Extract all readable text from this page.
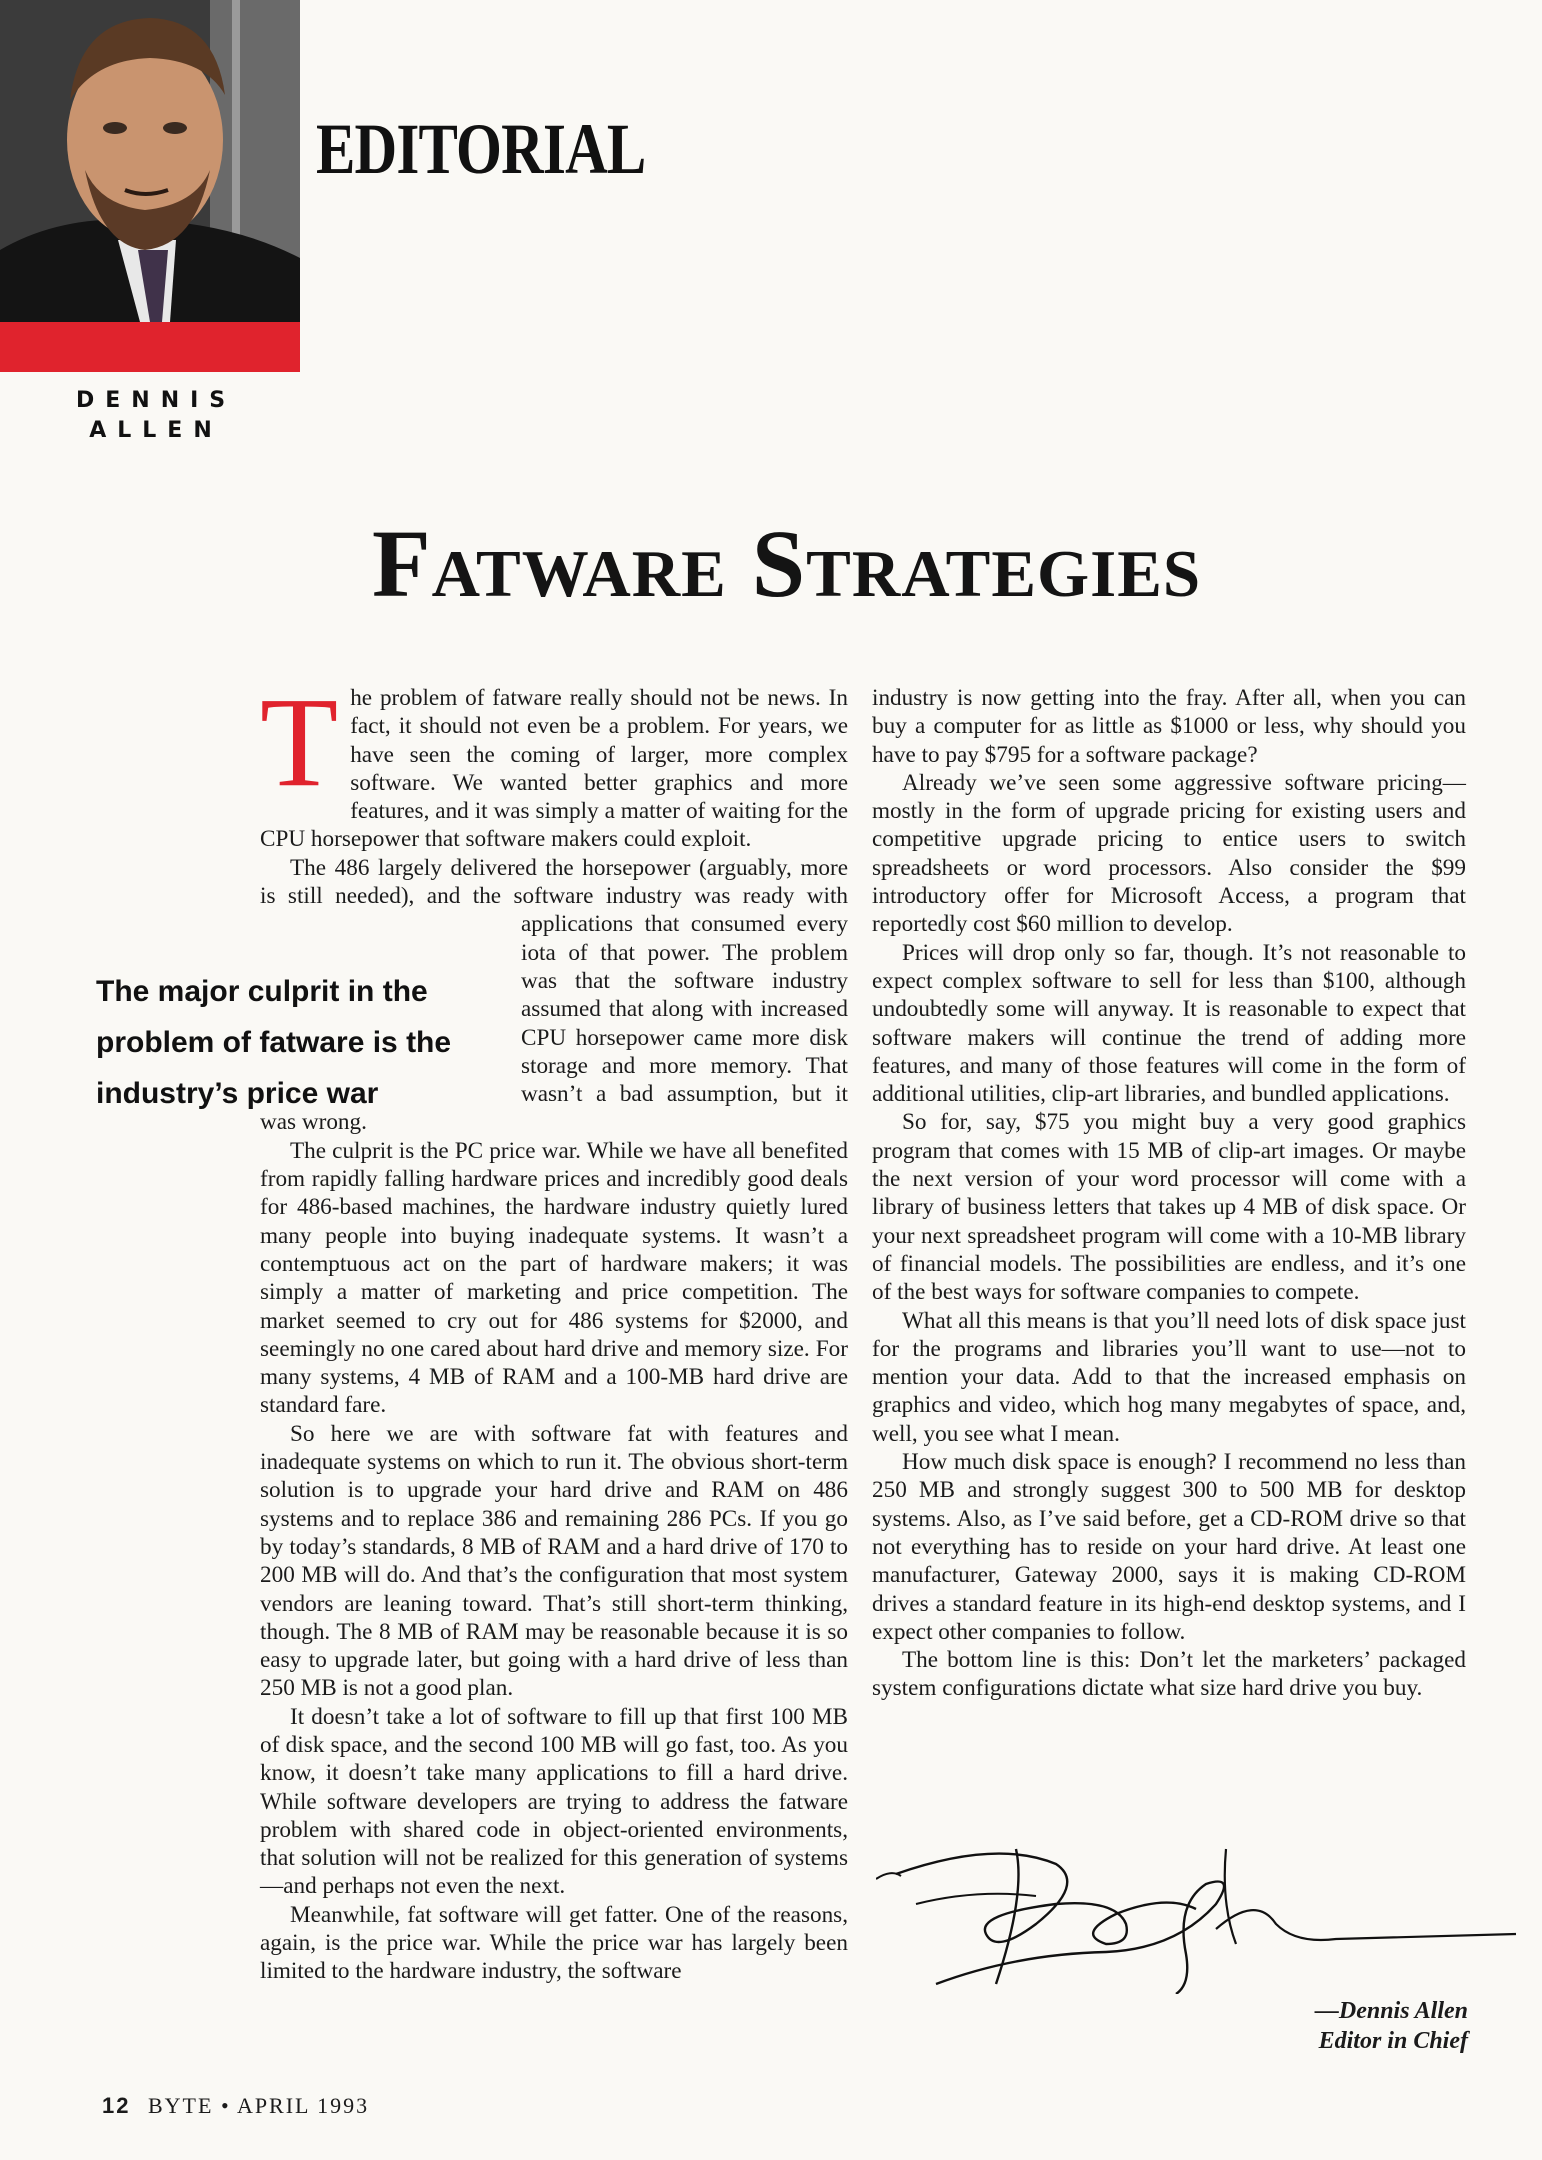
EDITORIAL
DENNIS
ALLEN
Fatware Strategies
The major culprit in the problem of fatware is the industry’s price war

The problem of fatware really should not be news. In fact, it should not even be a problem. For years, we have seen the coming of larger, more complex software. We wanted better graphics and more features, and it was simply a matter of waiting for the CPU horsepower that software makers could exploit.

The 486 largely delivered the horsepower (arguably, more is still needed), and the software industry was ready
with applications that consumed every iota of that power. The problem was that the software industry assumed that along with increased CPU horsepower came more disk storage and more memory. That wasn’t a bad assumption, but it was wrong.

The culprit is the PC price war. While we have all benefited from rapidly falling hardware prices and incredibly good deals for 486-based machines, the hardware industry quietly lured many people into buying inadequate systems. It wasn’t a contemptuous act on the part of hardware makers; it was simply a matter of marketing and price competition. The market seemed to cry out for 486 systems for $2000, and seemingly no one cared about hard drive and memory size. For many systems, 4 MB of RAM and a 100-MB hard drive are standard fare.

So here we are with software fat with features and inadequate systems on which to run it. The obvious short-term solution is to upgrade your hard drive and RAM on 486 systems and to replace 386 and remaining 286 PCs. If you go by today’s standards, 8 MB of RAM and a hard drive of 170 to 200 MB will do. And that’s the configuration that most system vendors are leaning toward. That’s still short-term thinking, though. The 8 MB of RAM may be reasonable because it is so easy to upgrade later, but going with a hard drive of less than 250 MB is not a good plan.

It doesn’t take a lot of software to fill up that first 100 MB of disk space, and the second 100 MB will go fast, too. As you know, it doesn’t take many applications to fill a hard drive. While software developers are trying to address the fatware problem with shared code in object-oriented environments, that solution will not be realized for this generation of systems—and perhaps not even the next.

Meanwhile, fat software will get fatter. One of the reasons, again, is the price war. While the price war has largely been limited to the hardware industry, the software

industry is now getting into the fray. After all, when you can buy a computer for as little as $1000 or less, why should you have to pay $795 for a software package?

Already we’ve seen some aggressive software pricing—mostly in the form of upgrade pricing for existing users and competitive upgrade pricing to entice users to switch spreadsheets or word processors. Also consider the $99 introductory offer for Microsoft Access, a program that reportedly cost $60 million to develop.

Prices will drop only so far, though. It’s not reasonable to expect complex software to sell for less than $100, although undoubtedly some will anyway. It is reasonable to expect that software makers will continue the trend of adding more features, and many of those features will come in the form of additional utilities, clip-art libraries, and bundled applications.

So for, say, $75 you might buy a very good graphics program that comes with 15 MB of clip-art images. Or maybe the next version of your word processor will come with a library of business letters that takes up 4 MB of disk space. Or your next spreadsheet program will come with a 10-MB library of financial models. The possibilities are endless, and it’s one of the best ways for software companies to compete.

What all this means is that you’ll need lots of disk space just for the programs and libraries you’ll want to use—not to mention your data. Add to that the increased emphasis on graphics and video, which hog many megabytes of space, and, well, you see what I mean.

How much disk space is enough? I recommend no less than 250 MB and strongly suggest 300 to 500 MB for desktop systems. Also, as I’ve said before, get a CD-ROM drive so that not everything has to reside on your hard drive. At least one manufacturer, Gateway 2000, says it is making CD-ROM drives a standard feature in its high-end desktop systems, and I expect other companies to follow.

The bottom line is this: Don’t let the marketers’ packaged system configurations dictate what size hard drive you buy.

—Dennis Allen
Editor in Chief
12 BYTE • APRIL 1993
